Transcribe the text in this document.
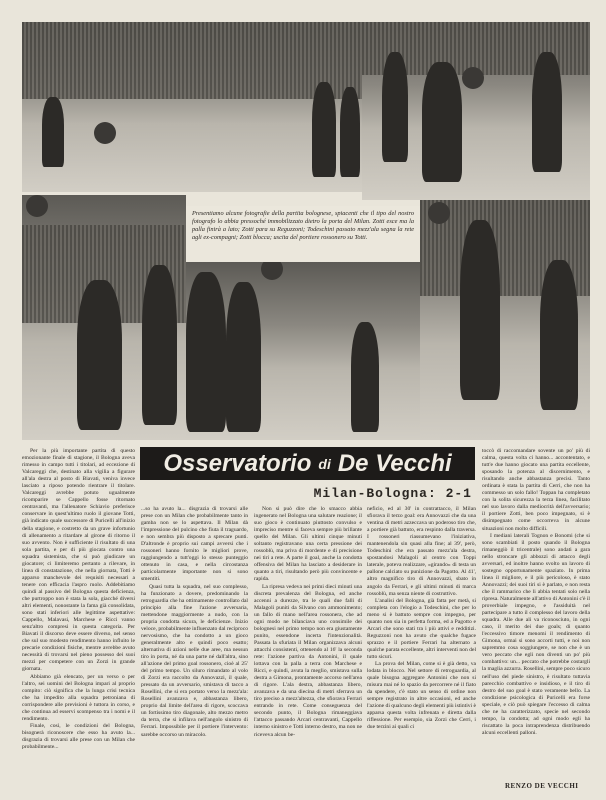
Presentiamo alcune fotografie della partita bolognese, spiacenti che il tipo del nostro fotografo lo abbia pressoché immobilizzato dietro la porta del Milan. Zotti esce ma la palla finirà a lato; Zotti para su Reguzzoni; Todeschini passato mezz'ala segna la rete agli ex-compagni; Zotti blocca; uscita del portiere rossonero su Totti.
Osservatorio di De Vecchi
Milan-Bologna: 2-1

Per la più importante partita di questo emozionante finale di stagione, il Bologna aveva rimesso in campo tutti i titolari, ad eccezione di Valcareggi che, destinato alla vigilia a figurare all'ala destra al posto di Biavati, veniva invece lasciato a riposo potendo rientrare il titolare. Valcareggi avrebbe potuto ugualmente ricomparire se Cappello fosse ritornato centravanti, ma l'allenatore Schiavio preferisce conservare in quest'ultimo ruolo il giovane Totti, già indicato quale successore di Puricelli all'inizio della stagione, e costretto da un grave infortunio di allenamento a ritardare al girone di ritorno il suo avvento. Non è sufficiente il risultato di una sola partita, e per di più giocata contro una squadra sistemista, che si può giudicare un giocatore; ci limiteremo pertanto a rilevare, in linea di constatazione, che nella giornata, Totti è apparso manchevole dei requisiti necessari a tenere con efficacia l'aspro ruolo. Addebitiamo quindi al passivo del Bologna questa deficienza, che purtroppo non è stata la sola, giacché diversi altri elementi, nonostante la fama già consolidata, sono stati inferiori alle legittime aspettative: Cappello, Malavasi, Marchese e Ricci vanno senz'altro compresi in questa categoria. Per Biavati il discorso deve essere diverso, nel senso che sul suo modesto rendimento hanno influito le precarie condizioni fisiche, mentre avrebbe avuto necessità di trovarsi nel pieno possesso dei suoi mezzi per competere con un Zorzi in grande giornata.

Abbiamo già elencato, per un verso o per l'altro, sei uomini del Bologna impari al proprio compito: ciò significa che la lunga crisi tecnica che ha impedito alla squadra petroniana di corrispondere alle previsioni è tuttora in corso, e che continua ad esservi scompenso tra i nomi e il rendimento.

Finale, così, le condizioni del Bologna, bisognerà riconoscere che esso ha avuto la... disgrazia di trovarsi alle prese con un Milan che probabilmente...

...so ha avuto la... disgrazia di trovarsi alle prese con un Milan che probabilmente tanto in gamba non se lo aspettava. Il Milan dà l'impressione del pulcino che fiuta il traguardo, e non sembra più disposto a sprecare punti. D'altronde è proprio sui campi avversi che i rossoneri hanno fornito le migliori prove, raggiungendo a tutt'oggi lo stesso punteggio ottenuto in casa, e nella circostanza particolarmente importante non si sono smentiti.

Quasi tutta la squadra, nel suo complesso, ha funzionato a dovere, predominando la retroguardia che ha ottimamente controllato dal principio alla fine l'azione avversaria, mettendone maggiormente a nudo, con la propria condotta sicura, le deficienze. Inizio veloce, probabilmente influenzato dal reciproco nervosismo, che ha condotto a un gioco generalmente alto e quindi poco esatto; alternativa di azioni nelle due aree, ma nessun tiro in porta, né da una parte né dall'altra, sino all'azione del primo goal rossonero, cioè al 25' del primo tempo. Un siluro rimandato al volo di Zorzi era raccolto da Annovazzi, il quale, pressato da un avversario, smistava di tacco a Rosellini, che si era portato verso la mezz'ala: Rosellini avanzava e, abbastanza libero, proprio dal limite dell'area di rigore, scoccava un fortissimo tiro diagonale, alto mezzo metro da terra, che si infilava nell'angolo sinistro di Ferrari. Impossibile per il portiere l'intervento: sarebbe occorso un miracolo.

Non si può dire che lo smacco abbia ingenerato nel Bologna una salutare reazione; il suo gioco è continuato piuttosto convulso e impreciso mentre si faceva sempre più brillante quello del Milan. Gli ultimi cinque minuti soltanto registravano una certa pressione dei rossoblù, ma priva di mordente e di precisione nei tiri a rete. A parte il goal, anche la condotta offensiva del Milan ha lasciato a desiderare in quanto a tiri, risultando però più convincente e rapida.

La ripresa vedeva nei primi dieci minuti una discreta prevalenza del Bologna, ed anche accenni a durezze, tra le quali due falli di Malagoli puniti da Silvano con ammonimento; un fallo di mano nell'area rossonera, che ad ogni modo ne bilanciava uno consimile dei bolognesi nel primo tempo non era giustamente punito, essendone incerta l'intenzionalità. Passata la sfuriata il Milan organizzava alcuni attacchi consistenti, ottenendo al 16' la seconda rete: l'azione partiva da Antonini, il quale lottava con la palla a terra con Marchese e Ricci, e quindi, avuta la meglio, smistava sulla destra a Gimona, prontamente accorso nell'area di rigore. L'ala destra, abbastanza libero, avanzava e da una diecina di metri sferrava un tiro preciso a mezz'altezza, che sfiorava Ferrari entrando in rete. Come conseguenza del secondo punto, il Bologna rimaneggiava l'attacco passando Arcari centravanti, Cappello interno sinistro e Totti interno destro, ma non ne ricevevа alcun be-

neficio, ed al 30' in contrattacco, il Milan sfiorava il terzo goal: era Annovazzi che da una ventina di metri azzeccava un poderoso tiro che, a portiere già battuto, era respinto dalla traversa. I rossoneri riassumevano l'iniziativa, mantenendola sin quasi alla fine; al 39', però, Todeschini che era passato mezz'ala destra, spostandosi Malagoli al centro con Toppi laterale, poteva realizzare, «girando» di testa un pallone calciato su punizione da Pagotto. Al 41', altro magnifico tiro di Annovazzi, sbato in angolo da Ferrari, e gli ultimi minuti di marca rossoblù, ma senza niente di costruttivo.

L'analisi del Bologna, già fatta per metà, si completa con l'elogio a Todeschini, che per lo meno si è battuto sempre con impegno, per quanto non sia in perfetta forma, ed a Pagotto e Arcari che sono stati tra i più attivi e redditizi. Reguzzoni non ha avuto che qualche fugace sprazzo e il portiere Ferrari ha alternato a qualche parata eccellente, altri interventi non del tutto sicuri.

La prova del Milan, come si è già detto, va lodata in blocco. Nel settore di retroguardia, al quale bisogna aggregare Antonini che non si misura mai né lo spazio da percorrere né il fiato da spendere, c'è stato un senso di ordine non sempre registrato in altre occasioni, ed anche l'azione di qualcuno degli elementi più istintivi è apparsa questa volta infrenata e diretta dalla riflessione. Per esempio, sia Zorzi che Cerri, i due terzini ai quali ci

toccò di raccomandare sovente un po' più di calma, questa volta ci hanno... accontentato, e tutt'e due hanno giocato una partita eccellente, sposando la potenza al discernimento, e risultando anche abbastanza precisi. Tanto ordinata è stata la partita di Cerri, che non ha commesso un solo fallo! Toppan ha completato con la solita sicurezza la terza linea, facilitato nel suo lavoro dalla mediocrità dell'avversario; il portiere Zotti, ben poco impegnato, si è disimpegnato come occorreva in alcune situazioni non molto difficili.

I mediani laterali Tognon e Bonomi (che si sono scambiati il posto quando il Bologna rimaneggiò il tricentrale) sono andati a gara nello stroncare gli abbozzi di attacco degli avversari, ed inoltre hanno svolto un lavoro di sostegno opportunamente spaziato. In prima linea il migliore, e il più pericoloso, è stato Annovazzi; dei suoi tiri si è parlato, e non resta che il rammarico che li abbia tentati solo nella ripresa. Naturalmente all'attivo di Antonini c'è il proverbiale impegno, e l'assiduità nel partecipare a tutto il complesso del lavoro della squadra. Alle due ali va riconosciuto, in ogni caso, il merito dei due goals; di quanto l'eccessivo timore menomi il rendimento di Gimona, ormai si sono accorti tutti, e noi non sapremmo cosa soggiungere, se non che è un vero peccato che egli non diventi un po' più combattivo: un... peccato che potrebbe costargli la maglia azzurra. Rosellini, sempre poco sicuro nell'uso del piede sinistro, è risultato tuttavia parecchio combattivo e insidioso, e il tiro di destro del suo goal è stato veramente bello. La condizione psicologica di Puricelli era forse speciale, e ciò può spiegare l'eccesso di calma che ne ha caratterizzato, specie nel secondo tempo, la condotta; ad ogni modo egli ha riscattato la poca intraprendenza distribuendo alcuni eccellenti palloni.

RENZO DE VECCHI
